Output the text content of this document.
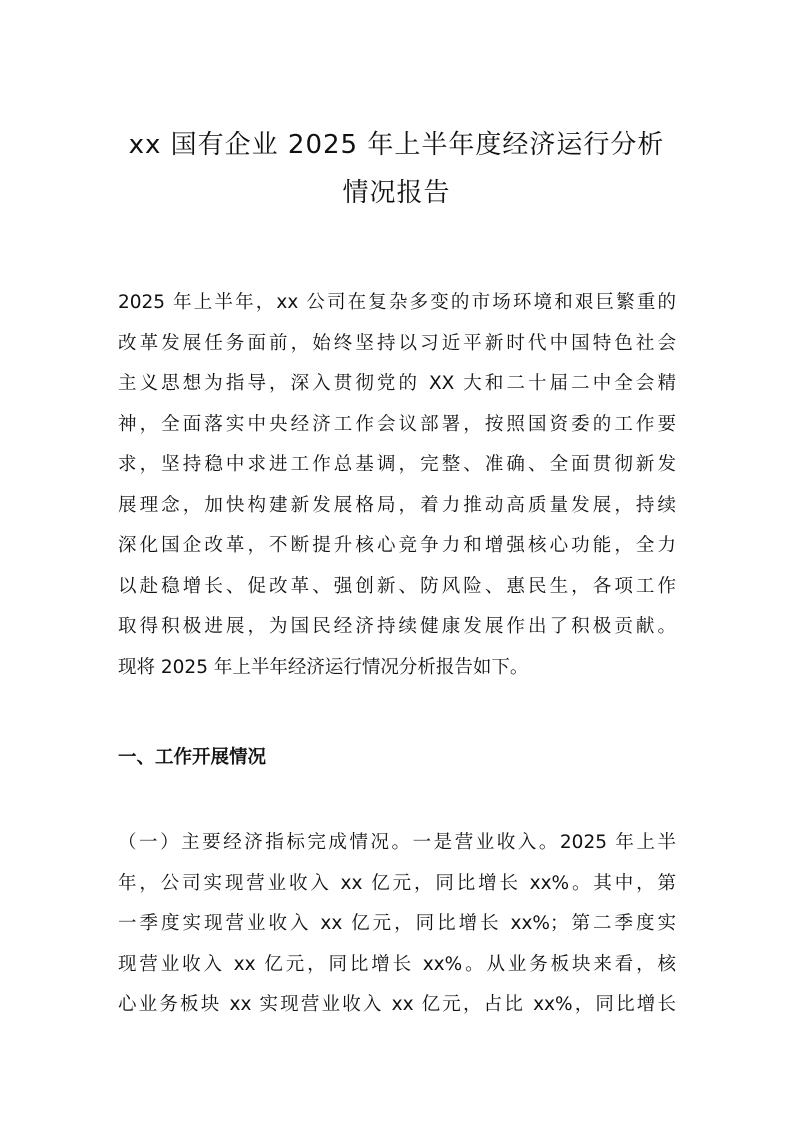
xx 国有企业 2025 年上半年度经济运行分析
情况报告
2025 年上半年，xx 公司在复杂多变的市场环境和艰巨繁重的
改革发展任务面前，始终坚持以习近平新时代中国特色社会
主义思想为指导，深入贯彻党的 XX 大和二十届二中全会精
神，全面落实中央经济工作会议部署，按照国资委的工作要
求，坚持稳中求进工作总基调，完整、准确、全面贯彻新发
展理念，加快构建新发展格局，着力推动高质量发展，持续
深化国企改革，不断提升核心竞争力和增强核心功能，全力
以赴稳增长、促改革、强创新、防风险、惠民生，各项工作
取得积极进展，为国民经济持续健康发展作出了积极贡献。
现将 2025 年上半年经济运行情况分析报告如下。
一、工作开展情况
（一）主要经济指标完成情况。一是营业收入。2025 年上半
年，公司实现营业收入 xx 亿元，同比增长 xx%。其中，第
一季度实现营业收入 xx 亿元，同比增长 xx%；第二季度实
现营业收入 xx 亿元，同比增长 xx%。从业务板块来看，核
心业务板块 xx 实现营业收入 xx 亿元，占比 xx%，同比增长
